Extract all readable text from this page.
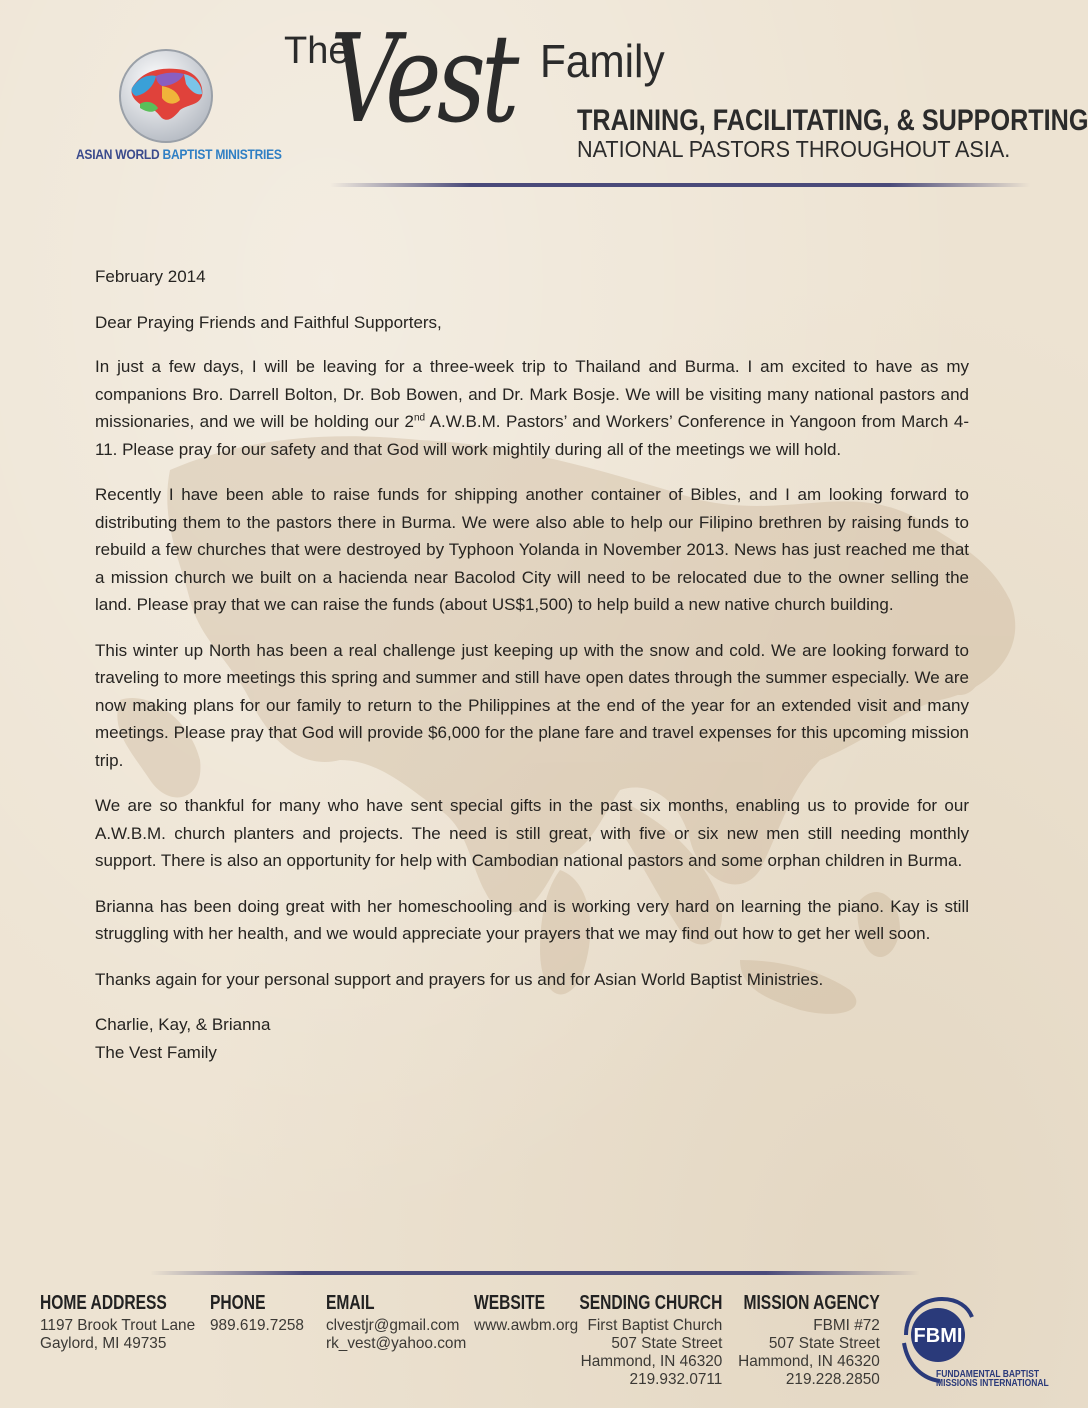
ASIAN WORLD BAPTIST MINISTRIES
The
Vest Family
TRAINING, FACILITATING, & SUPPORTING
NATIONAL PASTORS THROUGHOUT ASIA.

February 2014

Dear Praying Friends and Faithful Supporters,

In just a few days, I will be leaving for a three-week trip to Thailand and Burma. I am excited to have as my companions Bro. Darrell Bolton, Dr. Bob Bowen, and Dr. Mark Bosje. We will be visiting many national pastors and missionaries, and we will be holding our 2nd A.W.B.M. Pastors’ and Workers’ Conference in Yangoon from March 4-11. Please pray for our safety and that God will work mightily during all of the meetings we will hold.

Recently I have been able to raise funds for shipping another container of Bibles, and I am looking forward to distributing them to the pastors there in Burma. We were also able to help our Filipino brethren by raising funds to rebuild a few churches that were destroyed by Typhoon Yolanda in November 2013. News has just reached me that a mission church we built on a hacienda near Bacolod City will need to be relocated due to the owner selling the land. Please pray that we can raise the funds (about US$1,500) to help build a new native church building.

This winter up North has been a real challenge just keeping up with the snow and cold. We are looking forward to traveling to more meetings this spring and summer and still have open dates through the summer especially. We are now making plans for our family to return to the Philippines at the end of the year for an extended visit and many meetings. Please pray that God will provide $6,000 for the plane fare and travel expenses for this upcoming mission trip.

We are so thankful for many who have sent special gifts in the past six months, enabling us to provide for our A.W.B.M. church planters and projects. The need is still great, with five or six new men still needing monthly support. There is also an opportunity for help with Cambodian national pastors and some orphan children in Burma.

Brianna has been doing great with her homeschooling and is working very hard on learning the piano. Kay is still struggling with her health, and we would appreciate your prayers that we may find out how to get her well soon.

Thanks again for your personal support and prayers for us and for Asian World Baptist Ministries.

Charlie, Kay, & Brianna

The Vest Family

HOME ADDRESS
1197 Brook Trout Lane
Gaylord, MI 49735
PHONE
989.619.7258
EMAIL
clvestjr@gmail.com
rk_vest@yahoo.com
WEBSITE
www.awbm.org
SENDING CHURCH
First Baptist Church
507 State Street
Hammond, IN 46320
219.932.0711
MISSION AGENCY
FBMI #72
507 State Street
Hammond, IN 46320
219.228.2850
FBMI
FUNDAMENTAL BAPTIST
MISSIONS INTERNATIONAL
